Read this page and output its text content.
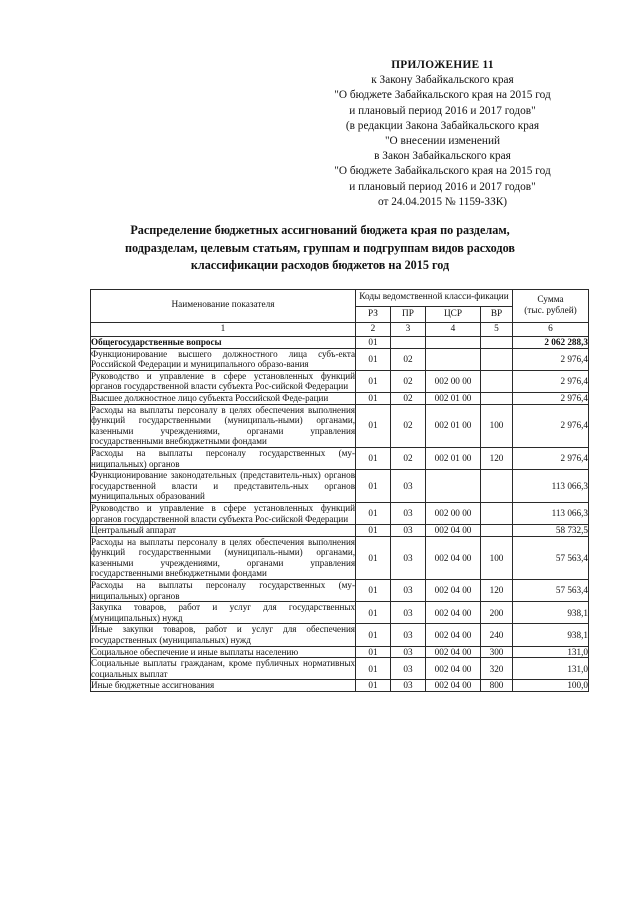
ПРИЛОЖЕНИЕ 11
к Закону Забайкальского края
"О бюджете Забайкальского края на 2015 год
и плановый период 2016 и 2017 годов"
(в редакции Закона Забайкальского края
"О внесении изменений
в Закон Забайкальского края
"О бюджете Забайкальского края на 2015 год
и плановый период 2016 и 2017 годов"
от 24.04.2015 № 1159-ЗЗК)
Распределение бюджетных ассигнований бюджета края по разделам,
подразделам, целевым статьям, группам и подгруппам видов расходов
классификации расходов бюджетов на 2015 год
Наименование показателя	Коды ведомственной класси-фикации				Сумма
(тыс. рублей)

	РЗ	ПР	ЦСР	ВР	
1	2	3	4	5	6
Общегосударственные вопросы	01				2 062 288,3
Функционирование высшего должностного лица субъ-екта Российской Федерации и муниципального образо-вания	01	02			2 976,4
Руководство и управление в сфере установленных функций органов государственной власти субъекта Рос-сийской Федерации	01	02	002 00 00		2 976,4
Высшее должностное лицо субъекта Российской Феде-рации	01	02	002 01 00		2 976,4
Расходы на выплаты персоналу в целях обеспечения выполнения функций государственными (муниципаль-ными) органами, казенными учреждениями, органами управления государственными внебюджетными фондами	01	02	002 01 00	100	2 976,4
Расходы на выплаты персоналу государственных (му-ниципальных) органов	01	02	002 01 00	120	2 976,4
Функционирование законодательных (представитель-ных) органов государственной власти и представитель-ных органов муниципальных образований	01	03			113 066,3
Руководство и управление в сфере установленных функций органов государственной власти субъекта Рос-сийской Федерации	01	03	002 00 00		113 066,3
Центральный аппарат	01	03	002 04 00		58 732,5
Расходы на выплаты персоналу в целях обеспечения выполнения функций государственными (муниципаль-ными) органами, казенными учреждениями, органами управления государственными внебюджетными фондами	01	03	002 04 00	100	57 563,4
Расходы на выплаты персоналу государственных (му-ниципальных) органов	01	03	002 04 00	120	57 563,4
Закупка товаров, работ и услуг для государственных (муниципальных) нужд	01	03	002 04 00	200	938,1
Иные закупки товаров, работ и услуг для обеспечения государственных (муниципальных) нужд	01	03	002 04 00	240	938,1
Социальное обеспечение и иные выплаты населению	01	03	002 04 00	300	131,0
Социальные выплаты гражданам, кроме публичных нормативных социальных выплат	01	03	002 04 00	320	131,0
Иные бюджетные ассигнования	01	03	002 04 00	800	100,0
